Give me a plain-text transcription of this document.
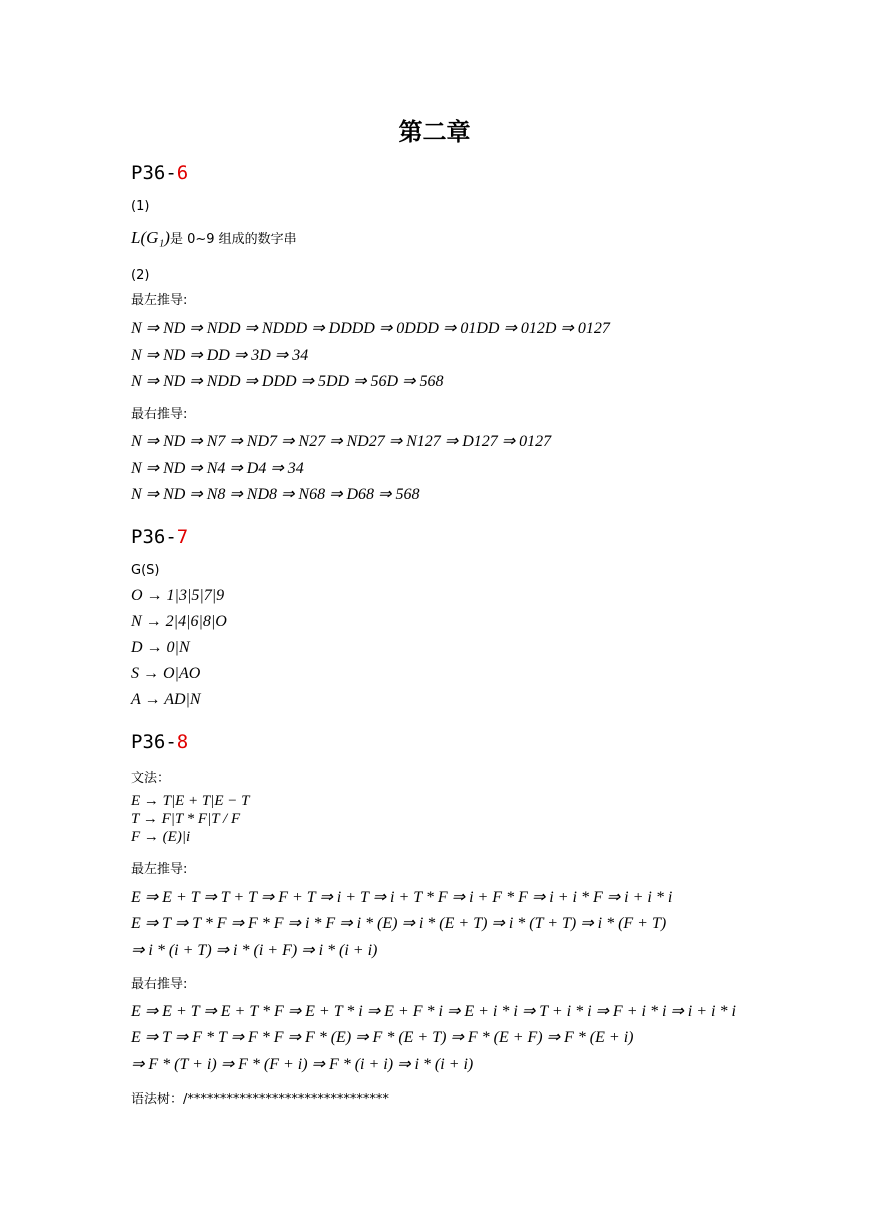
第二章
P36-6
(1)
L(G₁)是 0~9 组成的数字串
(2)
最左推导:
N ⇒ ND ⇒ NDD ⇒ NDDD ⇒ DDDD ⇒ 0DDD ⇒ 01DD ⇒ 012D ⇒ 0127
N ⇒ ND ⇒ DD ⇒ 3D ⇒ 34
N ⇒ ND ⇒ NDD ⇒ DDD ⇒ 5DD ⇒ 56D ⇒ 568
最右推导:
N ⇒ ND ⇒ N7 ⇒ ND7 ⇒ N27 ⇒ ND27 ⇒ N127 ⇒ D127 ⇒ 0127
N ⇒ ND ⇒ N4 ⇒ D4 ⇒ 34
N ⇒ ND ⇒ N8 ⇒ ND8 ⇒ N68 ⇒ D68 ⇒ 568
P36-7
G(S)
O → 1|3|5|7|9
N → 2|4|6|8|O
D → 0|N
S → O|AO
A → AD|N
P36-8
文法：
E → T|E + T|E − T
T → F|T * F|T / F
F → (E)|i
最左推导:
E ⇒ E + T ⇒ T + T ⇒ F + T ⇒ i + T ⇒ i + T * F ⇒ i + F * F ⇒ i + i * F ⇒ i + i * i
E ⇒ T ⇒ T * F ⇒ F * F ⇒ i * F ⇒ i * (E) ⇒ i * (E + T) ⇒ i * (T + T) ⇒ i * (F + T)
⇒ i * (i + T) ⇒ i * (i + F) ⇒ i * (i + i)
最右推导:
E ⇒ E + T ⇒ E + T * F ⇒ E + T * i ⇒ E + F * i ⇒ E + i * i ⇒ T + i * i ⇒ F + i * i ⇒ i + i * i
E ⇒ T ⇒ F * T ⇒ F * F ⇒ F * (E) ⇒ F * (E + T) ⇒ F * (E + F) ⇒ F * (E + i)
⇒ F * (T + i) ⇒ F * (F + i) ⇒ F * (i + i) ⇒ i * (i + i)
语法树：/*******************************
